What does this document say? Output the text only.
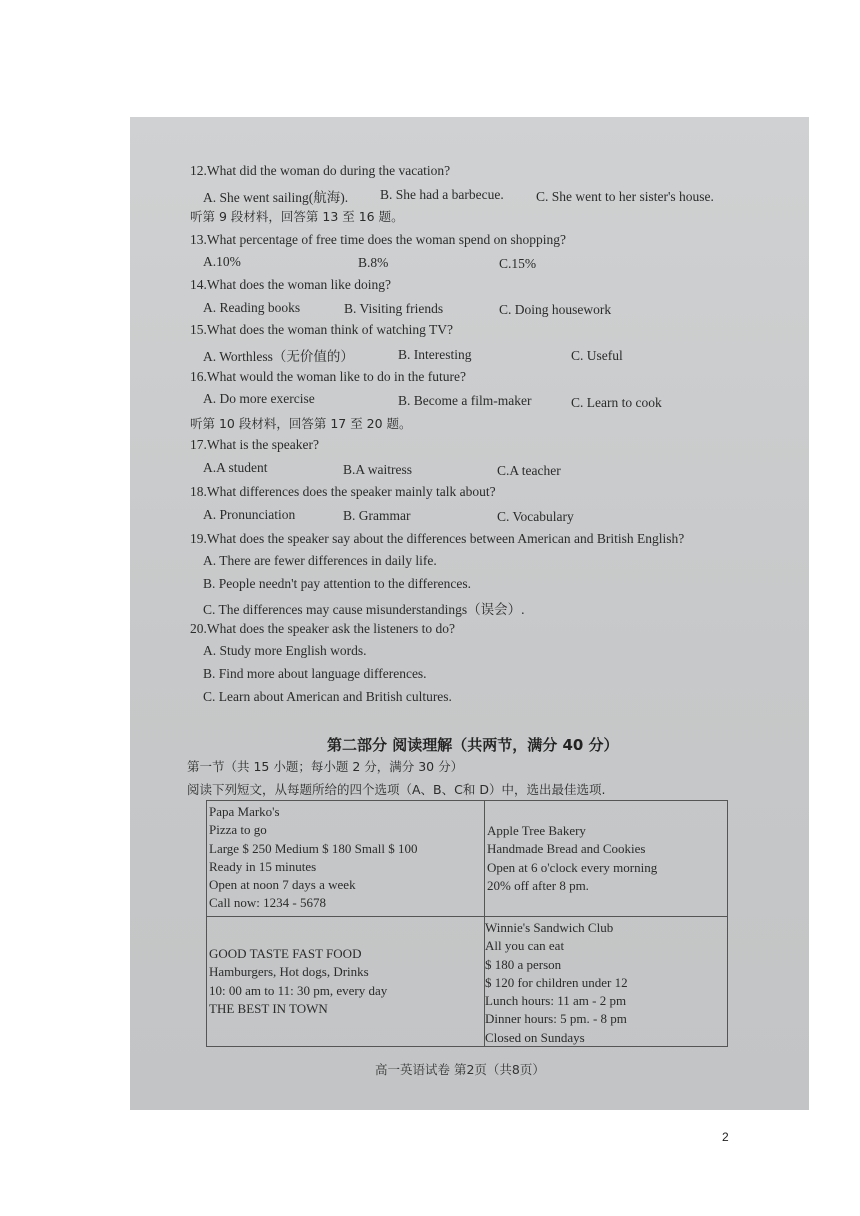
12.What did the woman do during the vacation?
A. She went sailing(航海). B. She had a barbecue. C. She went to her sister's house.
听第 9 段材料，回答第 13 至 16 题。
13.What percentage of free time does the woman spend on shopping?
A.10%	B.8%	C.15%
14.What does the woman like doing?
A. Reading books	B. Visiting friends	C. Doing housework
15.What does the woman think of watching TV?
A. Worthless（无价值的）	B. Interesting	C. Useful
16.What would the woman like to do in the future?
A. Do more exercise	B. Become a film-maker	C. Learn to cook
听第 10 段材料，回答第 17 至 20 题。
17.What is the speaker?
A.A student	B.A waitress	C.A teacher
18.What differences does the speaker mainly talk about?
A. Pronunciation	B. Grammar	C. Vocabulary
19.What does the speaker say about the differences between American and British English?
A. There are fewer differences in daily life.
B. People needn't pay attention to the differences.
C. The differences may cause misunderstandings（误会）.
20.What does the speaker ask the listeners to do?
A. Study more English words.
B. Find more about language differences.
C. Learn about American and British cultures.
第二部分 阅读理解（共两节，满分 40 分）
第一节（共 15 小题；每小题 2 分，满分 30 分）
阅读下列短文，从每题所给的四个选项（A、B、C和 D）中，选出最佳选项.
Papa Marko's
Pizza to go
Large $ 250 Medium $ 180 Small $ 100
Ready in 15 minutes
Open at noon 7 days a week
Call now: 1234 - 5678
Apple Tree Bakery
Handmade Bread and Cookies
Open at 6 o'clock every morning
20% off after 8 pm.
GOOD TASTE FAST FOOD
Hamburgers, Hot dogs, Drinks
10: 00 am to 11: 30 pm, every day
THE BEST IN TOWN
Winnie's Sandwich Club
All you can eat
$ 180 a person
$ 120 for children under 12
Lunch hours: 11 am - 2 pm
Dinner hours: 5 pm. - 8 pm
Closed on Sundays
高一英语试卷 第2页（共8页）
2
